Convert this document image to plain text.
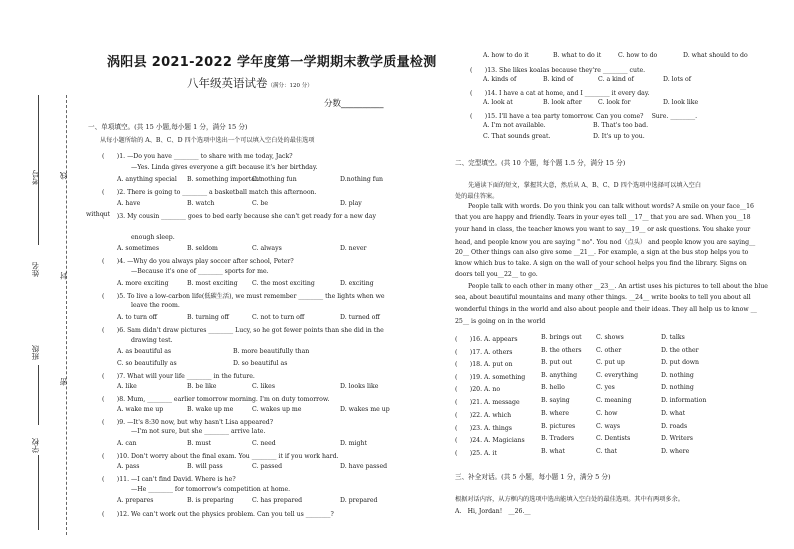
考号
姓名
班级
学校
线
封
密
涡阳县 2021-2022 学年度第一学期期末教学质量检测
八年级英语试卷（满分：120 分）
分数__________
一、单项填空。(共 15 小题,每小题 1 分，满分 15 分)
从每小题所给的 A、B、C、D 四个选项中选出一个可以填入空白处的最佳选项
(　　)1. —Do you have ________ to share with me today, Jack?
—Yes. Linda gives everyone a gift because it's her birthday.
A. anything special B. something important
C. nothing fun	D.nothing fun
(　　)2. There is going to ________ a basketball match this afternoon.
A. have	B. watch	C. be	D. play
(　　)3. My cousin ________ goes to bed early because she can't get ready for a new day
without
enough sleep.
A. sometimes	B. seldom	C. always	D. never
(　　)4. —Why do you always play soccer after school, Peter?
—Because it's one of ________ sports for me.
A. more exciting	B. most exciting C. the most exciting	D. exciting
(　　)5. To live a low-carbon life(低碳生活), we must remember ________ the lights when we
leave the room.
A. to turn off	B. turning off	C. not to turn off	D. turned off
(　　)6. Sam didn't draw pictures ________ Lucy, so he got fewer points than she did in the
drawing test.
A. as beautiful as	B. more beautifully than
C. so beautifully as	D. so beautiful as
(　　)7. What will your life ________ in the future.
A. like	B. be like	C. likes	D. looks like
(　　)8. Mum, ________ earlier tomorrow morning. I'm on duty tomorrow.
A. wake me up	B. wake up me	C. wakes up me	D. wakes me up
(　　)9. —It's 8:30 now, but why hasn't Lisa appeared?
—I'm not sure, but she ________ arrive late.
A. can	B. must	C. need	D. might
(　　)10. Don't worry about the final exam. You ________ it if you work hard.
A. pass	B. will pass	C. passed	D. have passed
(　　)11. —I can't find David. Where is he?
—He ________ for tomorrow's competition at home.
A. prepares	B. is preparing	C. has prepared	D. prepared
(　　)12. We can't work out the physics problem. Can you tell us ________?
A. how to do it	B. what to do it	C. how to do	D. what should to do
(　　)13. She likes koalas because they're ________ cute.
A. kinds of	B. kind of	C. a kind of	D. lots of
(　　)14. I have a cat at home, and I ________ it every day.
A. look at	B. look after	C. look for	D. look like
(　　)15. I'll have a tea party tomorrow. Can you come?　 Sure. ________.
A. I'm not available.	B. That's too bad.
C. That sounds great.	D. It's up to you.
二、完型填空。(共 10 个题，每个题 1.5 分，满分 15 分)
先通读下面的短文，掌握其大意，然后从 A、B、C、D 四个选项中选择可以填入空白
处的最佳答案。
People talk with words. Do you think you can talk without words? A smile on your face__16
that you are happy and friendly. Tears in your eyes tell __17__ that you are sad. When you__18
your hand in class, the teacher knows you want to say__19__ or ask questions. You shake your
head, and people know you are saying " no". You nod（点头） and people know you are saying__
20__ Other things can also give some __21__. For example, a sign at the bus stop helps you to
know which bus to take. A sign on the wall of your school helps you find the library. Signs on
doors tell you__22__ to go.
People talk to each other in many other __23__. An artist uses his pictures to tell about the blue
sea, about beautiful mountains and many other things. __24__ write books to tell you about all
wonderful things in the world and also about people and their ideas. They all help us to know __
25__ is going on in the world
(　　)16. A. appears	B. brings out C. shows	D. talks
(　　)17. A. others	B. the others C. other	D. the other
(　　)18. A. put on	B. put out	C. put up	D. put down
(　　)19. A. something	B. anything	C. everything	D. nothing
(　　)20. A. no	B. hello	C. yes	D. nothing
(　　)21. A. message	B. saying	C. meaning	D. information
(　　)22. A. which	B. where	C. how	D. what
(　　)23. A. things	B. pictures	C. ways	D. roads
(　　)24. A. Magicians	B. Traders	C. Dentists	D. Writers
(　　)25. A. it	B. what	C. that	D. where
三、补全对话。(共 5 小题，每小题 1 分，满分 5 分)
根据对话内容，从方框内的选项中选出能填入空白处的最佳选项。其中有两项多余。
A.　Hi, Jordan!　__26.__
